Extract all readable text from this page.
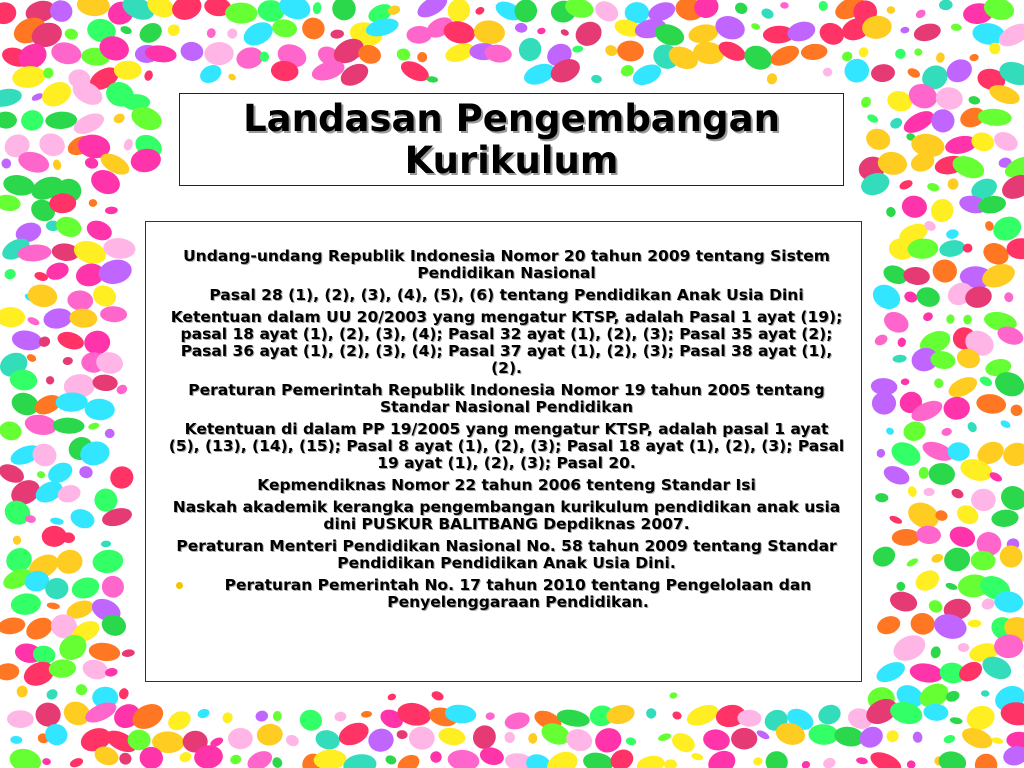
Landasan Pengembangan Kurikulum

Undang-undang Republik Indonesia Nomor 20 tahun 2009 tentang Sistem Pendidikan Nasional

Pasal 28 (1), (2), (3), (4), (5), (6) tentang Pendidikan Anak Usia Dini

Ketentuan dalam UU 20/2003 yang mengatur KTSP, adalah Pasal 1 ayat (19); pasal 18 ayat (1), (2), (3), (4); Pasal 32 ayat (1), (2), (3); Pasal 35 ayat (2); Pasal 36 ayat (1), (2), (3), (4); Pasal 37 ayat (1), (2), (3); Pasal 38 ayat (1), (2).

Peraturan Pemerintah Republik Indonesia Nomor 19 tahun 2005 tentang Standar Nasional Pendidikan

Ketentuan di dalam PP 19/2005 yang mengatur KTSP, adalah pasal 1 ayat (5), (13), (14), (15); Pasal 8 ayat (1), (2), (3); Pasal 18 ayat (1), (2), (3); Pasal 19 ayat (1), (2), (3); Pasal 20.

Kepmendiknas Nomor 22 tahun 2006 tenteng Standar Isi

Naskah akademik kerangka pengembangan kurikulum pendidikan anak usia dini PUSKUR BALITBANG Depdiknas 2007.

Peraturan Menteri Pendidikan Nasional No. 58 tahun 2009 tentang Standar Pendidikan Pendidikan Anak Usia Dini.

Peraturan Pemerintah No. 17 tahun 2010 tentang Pengelolaan dan Penyelenggaraan Pendidikan.
